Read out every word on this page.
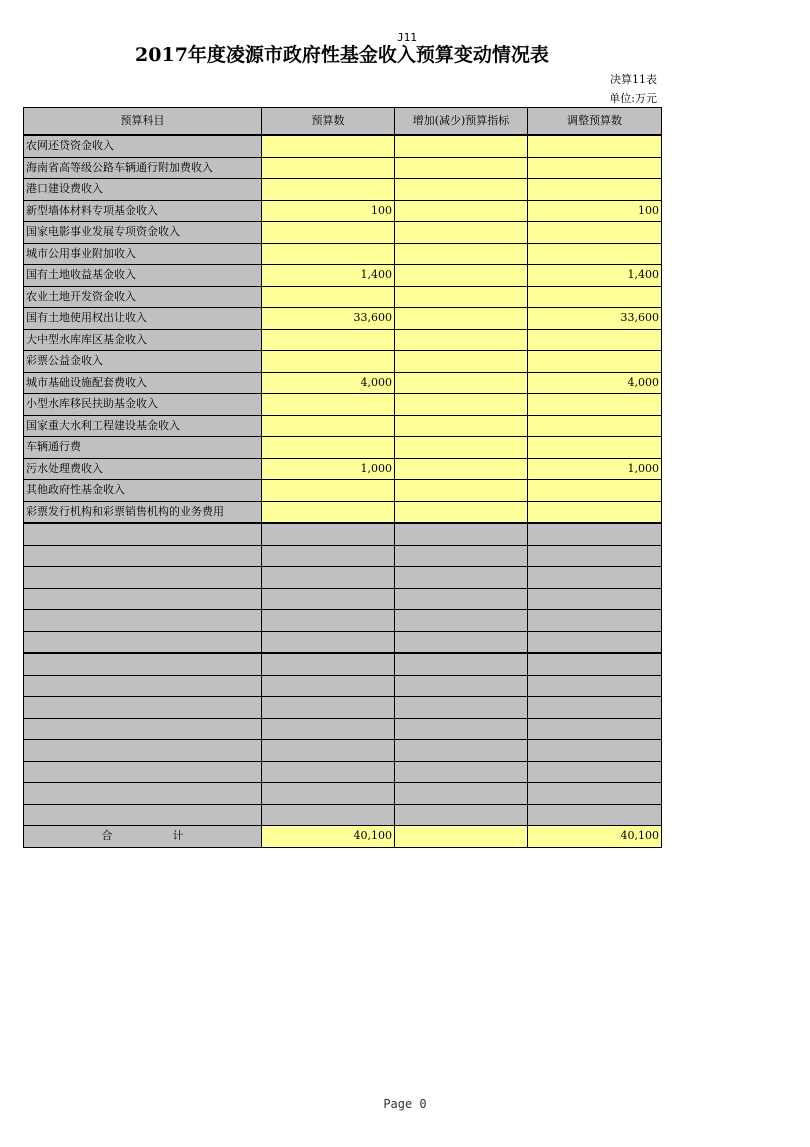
J11
2017年度凌源市政府性基金收入预算变动情况表
决算11表
单位:万元
预算科目	预算数	增加(减少)预算指标	调整预算数
农网还贷资金收入			
海南省高等级公路车辆通行附加费收入			
港口建设费收入			
新型墙体材料专项基金收入	100		100
国家电影事业发展专项资金收入			
城市公用事业附加收入			
国有土地收益基金收入	1,400		1,400
农业土地开发资金收入			
国有土地使用权出让收入	33,600		33,600
大中型水库库区基金收入			
彩票公益金收入			
城市基础设施配套费收入	4,000		4,000
小型水库移民扶助基金收入			
国家重大水利工程建设基金收入			
车辆通行费			
污水处理费收入	1,000		1,000
其他政府性基金收入			
彩票发行机构和彩票销售机构的业务费用			

合 计	40,100		40,100
Page 0
